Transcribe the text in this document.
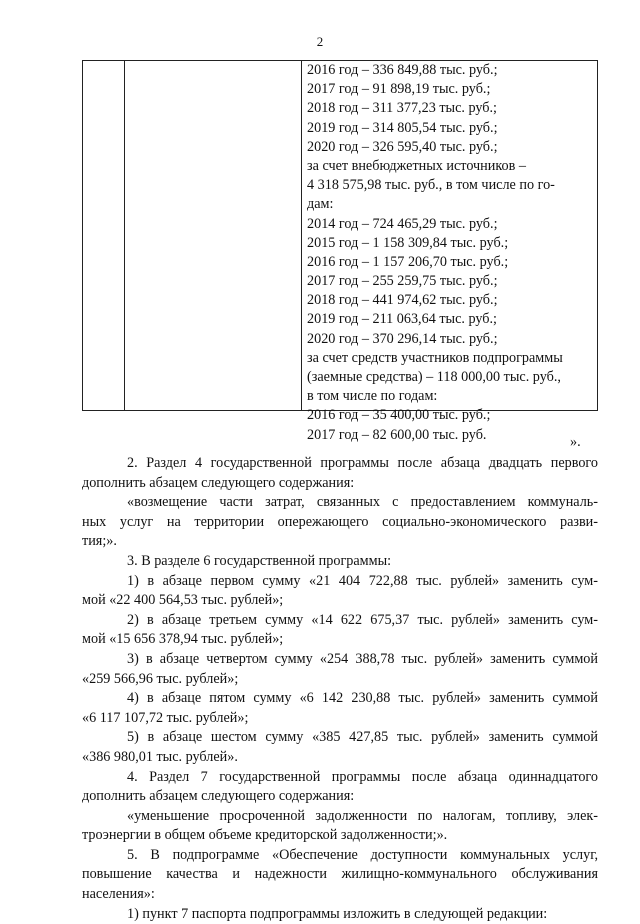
2
2016 год – 336 849,88 тыс. руб.;
2017 год – 91 898,19 тыс. руб.;
2018 год – 311 377,23 тыс. руб.;
2019 год – 314 805,54 тыс. руб.;
2020 год – 326 595,40 тыс. руб.;
за счет внебюджетных источников –
4 318 575,98 тыс. руб., в том числе по го-
дам:
2014 год – 724 465,29 тыс. руб.;
2015 год – 1 158 309,84 тыс. руб.;
2016 год – 1 157 206,70 тыс. руб.;
2017 год – 255 259,75 тыс. руб.;
2018 год – 441 974,62 тыс. руб.;
2019 год – 211 063,64 тыс. руб.;
2020 год – 370 296,14 тыс. руб.;
за счет средств участников подпрограммы
(заемные средства) – 118 000,00 тыс. руб.,
в том числе по годам:
2016 год – 35 400,00 тыс. руб.;
2017 год – 82 600,00 тыс. руб.	».
2. Раздел 4 государственной программы после абзаца двадцать первого
дополнить абзацем следующего содержания:
«возмещение части затрат, связанных с предоставлением коммуналь-
ных услуг на территории опережающего социально-экономического разви-
тия;».
3. В разделе 6 государственной программы:
1) в абзаце первом сумму «21 404 722,88 тыс. рублей» заменить сум-
мой «22 400 564,53 тыс. рублей»;
2) в абзаце третьем сумму «14 622 675,37 тыс. рублей» заменить сум-
мой «15 656 378,94 тыс. рублей»;
3) в абзаце четвертом сумму «254 388,78 тыс. рублей» заменить суммой
«259 566,96 тыс. рублей»;
4) в абзаце пятом сумму «6 142 230,88 тыс. рублей» заменить суммой
«6 117 107,72 тыс. рублей»;
5) в абзаце шестом сумму «385 427,85 тыс. рублей» заменить суммой
«386 980,01 тыс. рублей».
4. Раздел 7 государственной программы после абзаца одиннадцатого
дополнить абзацем следующего содержания:
«уменьшение просроченной задолженности по налогам, топливу, элек-
троэнергии в общем объеме кредиторской задолженности;».
5. В подпрограмме «Обеспечение доступности коммунальных услуг,
повышение качества и надежности жилищно-коммунального обслуживания
населения»:
1) пункт 7 паспорта подпрограммы изложить в следующей редакции:
